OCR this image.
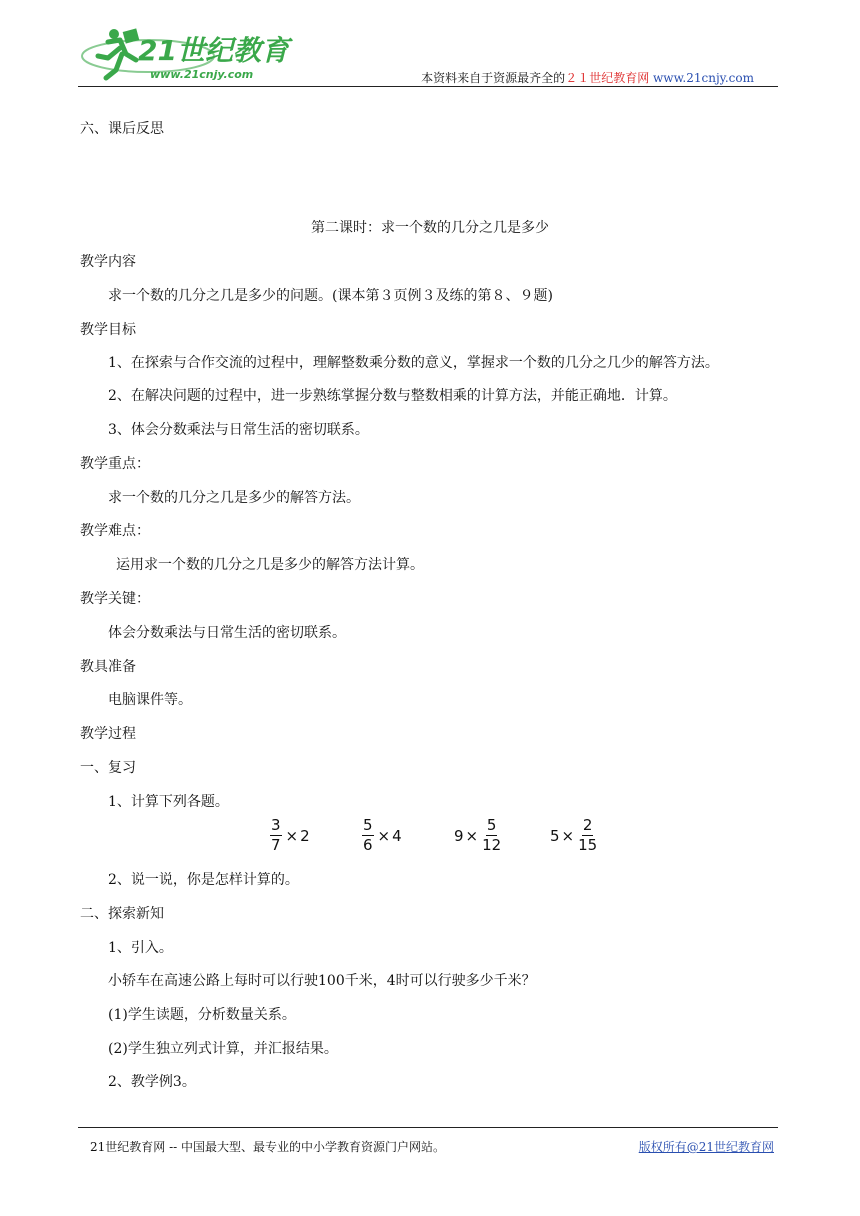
21世纪教育
www.21cnjy.com	本资料来自于资源最齐全的２１世纪教育网 www.21cnjy.com
六、课后反思
第二课时：求一个数的几分之几是多少
教学内容
求一个数的几分之几是多少的问题。(课本第３页例３及练的第８、９题)
教学目标
1、在探索与合作交流的过程中，理解整数乘分数的意义，掌握求一个数的几分之几少的解答方法。
2、在解决问题的过程中，进一步熟练掌握分数与整数相乘的计算方法，并能正确地．计算。
3、体会分数乘法与日常生活的密切联系。
教学重点：
求一个数的几分之几是多少的解答方法。
教学难点：
运用求一个数的几分之几是多少的解答方法计算。
教学关键：
体会分数乘法与日常生活的密切联系。
教具准备
电脑课件等。
教学过程
一、复习
1、计算下列各题。
$\frac{3}{7} \times 2$	$\frac{5}{6} \times 4$	$9 \times \frac{5}{12}$	$5 \times \frac{2}{15}$
2、说一说，你是怎样计算的。
二、探索新知
1、引入。
小轿车在高速公路上每时可以行驶100千米，4时可以行驶多少千米？
(1)学生读题，分析数量关系。
(2)学生独立列式计算，并汇报结果。
2、教学例3。
21世纪教育网 -- 中国最大型、最专业的中小学教育资源门户网站。	版权所有@21世纪教育网
